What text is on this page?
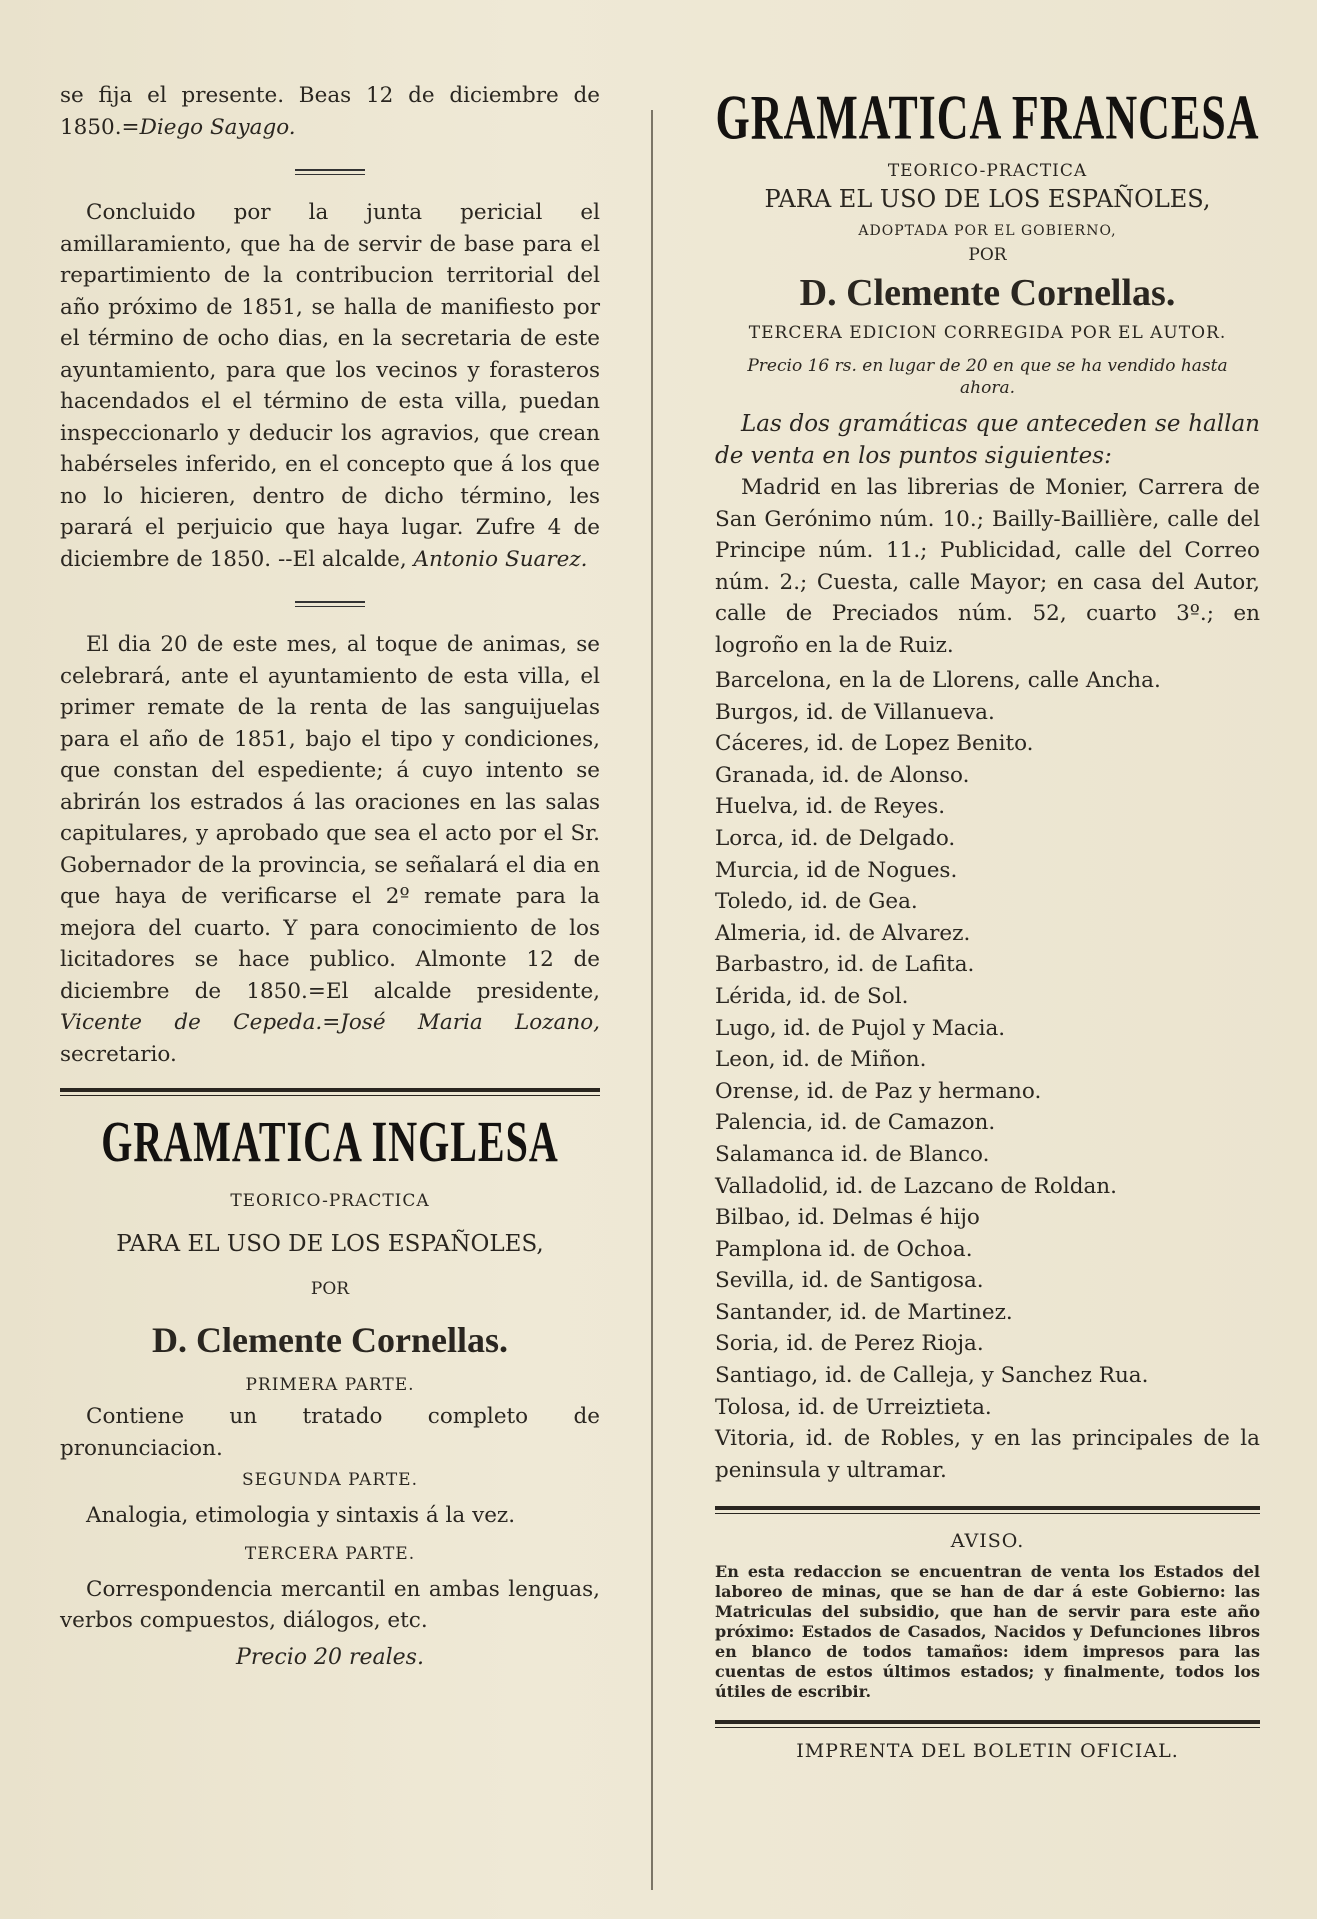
se fija el presente. Beas 12 de diciembre de 1850.=Diego Sayago.

Concluido por la junta pericial el amillaramiento, que ha de servir de base para el repartimiento de la contribucion territorial del año próximo de 1851, se halla de manifiesto por el término de ocho dias, en la secretaria de este ayuntamiento, para que los vecinos y forasteros hacendados el el término de esta villa, puedan inspeccionarlo y deducir los agravios, que crean habérseles inferido, en el concepto que á los que no lo hicieren, dentro de dicho término, les parará el perjuicio que haya lugar. Zufre 4 de diciembre de 1850. --El alcalde, Antonio Suarez.

El dia 20 de este mes, al toque de animas, se celebrará, ante el ayuntamiento de esta villa, el primer remate de la renta de las sanguijuelas para el año de 1851, bajo el tipo y condiciones, que constan del espediente; á cuyo intento se abrirán los estrados á las oraciones en las salas capitulares, y aprobado que sea el acto por el Sr. Gobernador de la provincia, se señalará el dia en que haya de verificarse el 2º remate para la mejora del cuarto. Y para conocimiento de los licitadores se hace publico. Almonte 12 de diciembre de 1850.=El alcalde presidente, Vicente de Cepeda.=José Maria Lozano, secretario.

GRAMATICA INGLESA
TEORICO-PRACTICA
PARA EL USO DE LOS ESPAÑOLES,
POR
D. Clemente Cornellas.
PRIMERA PARTE.

Contiene un tratado completo de pronunciacion.

SEGUNDA PARTE.

Analogia, etimologia y sintaxis á la vez.

TERCERA PARTE.

Correspondencia mercantil en ambas lenguas, verbos compuestos, diálogos, etc.

Precio 20 reales.
GRAMATICA FRANCESA
TEORICO-PRACTICA
PARA EL USO DE LOS ESPAÑOLES,
ADOPTADA POR EL GOBIERNO,
POR
D. Clemente Cornellas.
TERCERA EDICION CORREGIDA POR EL AUTOR.
Precio 16 rs. en lugar de 20 en que se ha vendido hasta ahora.

Las dos gramáticas que anteceden se hallan de venta en los puntos siguientes:

Madrid en las librerias de Monier, Carrera de San Gerónimo núm. 10.; Bailly-Baillière, calle del Principe núm. 11.; Publicidad, calle del Correo núm. 2.; Cuesta, calle Mayor; en casa del Autor, calle de Preciados núm. 52, cuarto 3º.; en logroño en la de Ruiz.

Barcelona, en la de Llorens, calle Ancha.
Burgos, id. de Villanueva.
Cáceres, id. de Lopez Benito.
Granada, id. de Alonso.
Huelva, id. de Reyes.
Lorca, id. de Delgado.
Murcia, id de Nogues.
Toledo, id. de Gea.
Almeria, id. de Alvarez.
Barbastro, id. de Lafita.
Lérida, id. de Sol.
Lugo, id. de Pujol y Macia.
Leon, id. de Miñon.
Orense, id. de Paz y hermano.
Palencia, id. de Camazon.
Salamanca id. de Blanco.
Valladolid, id. de Lazcano de Roldan.
Bilbao, id. Delmas é hijo
Pamplona id. de Ochoa.
Sevilla, id. de Santigosa.
Santander, id. de Martinez.
Soria, id. de Perez Rioja.
Santiago, id. de Calleja, y Sanchez Rua.
Tolosa, id. de Urreiztieta.
Vitoria, id. de Robles, y en las principales de la peninsula y ultramar.
AVISO.

En esta redaccion se encuentran de venta los Estados del laboreo de minas, que se han de dar á este Gobierno: las Matriculas del subsidio, que han de servir para este año próximo: Estados de Casados, Nacidos y Defunciones libros en blanco de todos tamaños: idem impresos para las cuentas de estos últimos estados; y finalmente, todos los útiles de escribir.

IMPRENTA DEL BOLETIN OFICIAL.
